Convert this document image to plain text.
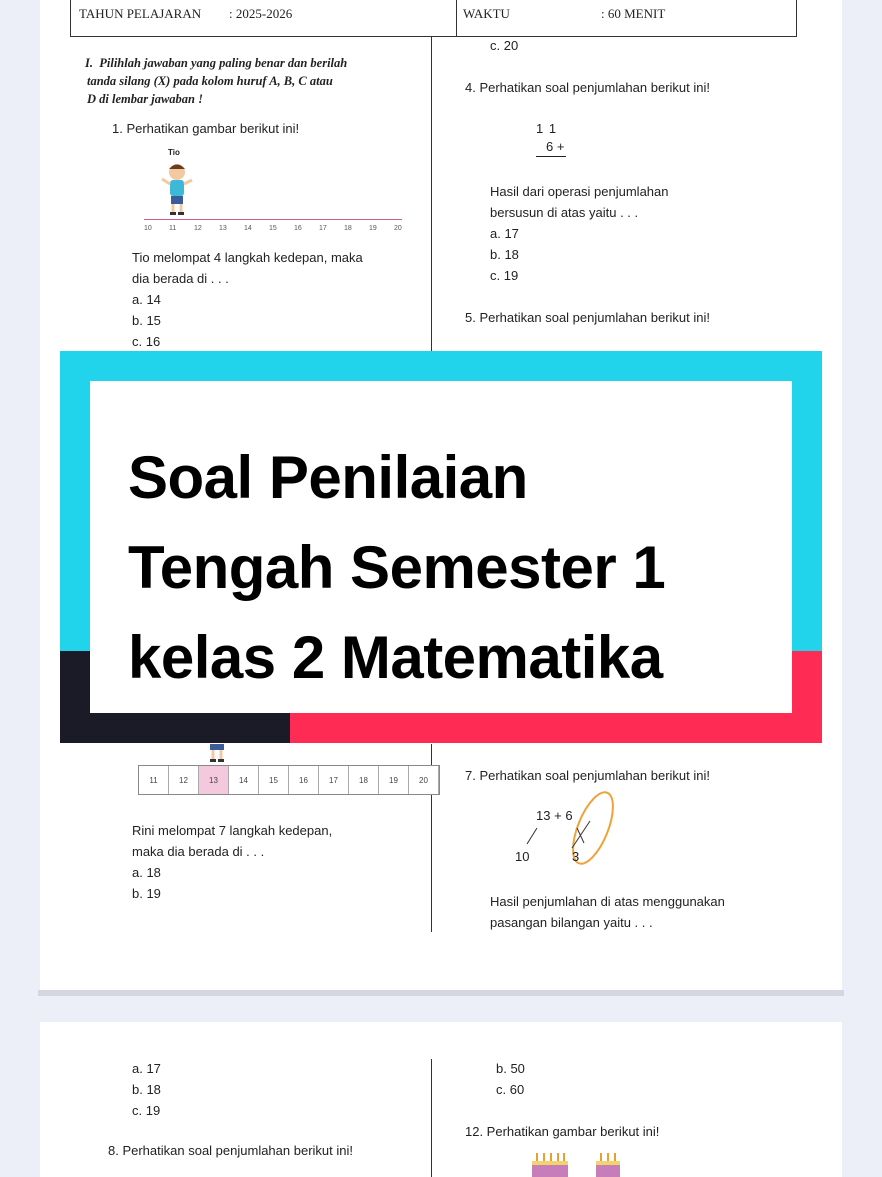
TAHUN PELAJARAN : 2025-2026	WAKTU	: 60 MENIT
I. Pilihlah jawaban yang paling benar dan berilah
tanda silang (X) pada kolom huruf A, B, C atau
D di lembar jawaban !
1. Perhatikan gambar berikut ini!
Tio
10 11	12 13 14 15 16 17 18 19 20
Tio melompat 4 langkah kedepan, maka
dia berada di . . .
a. 14
b. 15
c. 16
c. 20
4. Perhatikan soal penjumlahan berikut ini!
1 1
6 +
Hasil dari operasi penjumlahan
bersusun di atas yaitu . . .
a. 17
b. 18
c. 19
5. Perhatikan soal penjumlahan berikut ini!
11	12	13	14	15	16	17	18	19	20
Rini melompat 7 langkah kedepan,
maka dia berada di . . .
a. 18
b. 19
7. Perhatikan soal penjumlahan berikut ini!
13 + 6
10	3
Hasil penjumlahan di atas menggunakan
pasangan bilangan yaitu . . .
a. 17
b. 18
c. 19
8. Perhatikan soal penjumlahan berikut ini!
b. 50
c. 60
12. Perhatikan gambar berikut ini!
Soal Penilaian
Tengah Semester 1
kelas 2 Matematika
